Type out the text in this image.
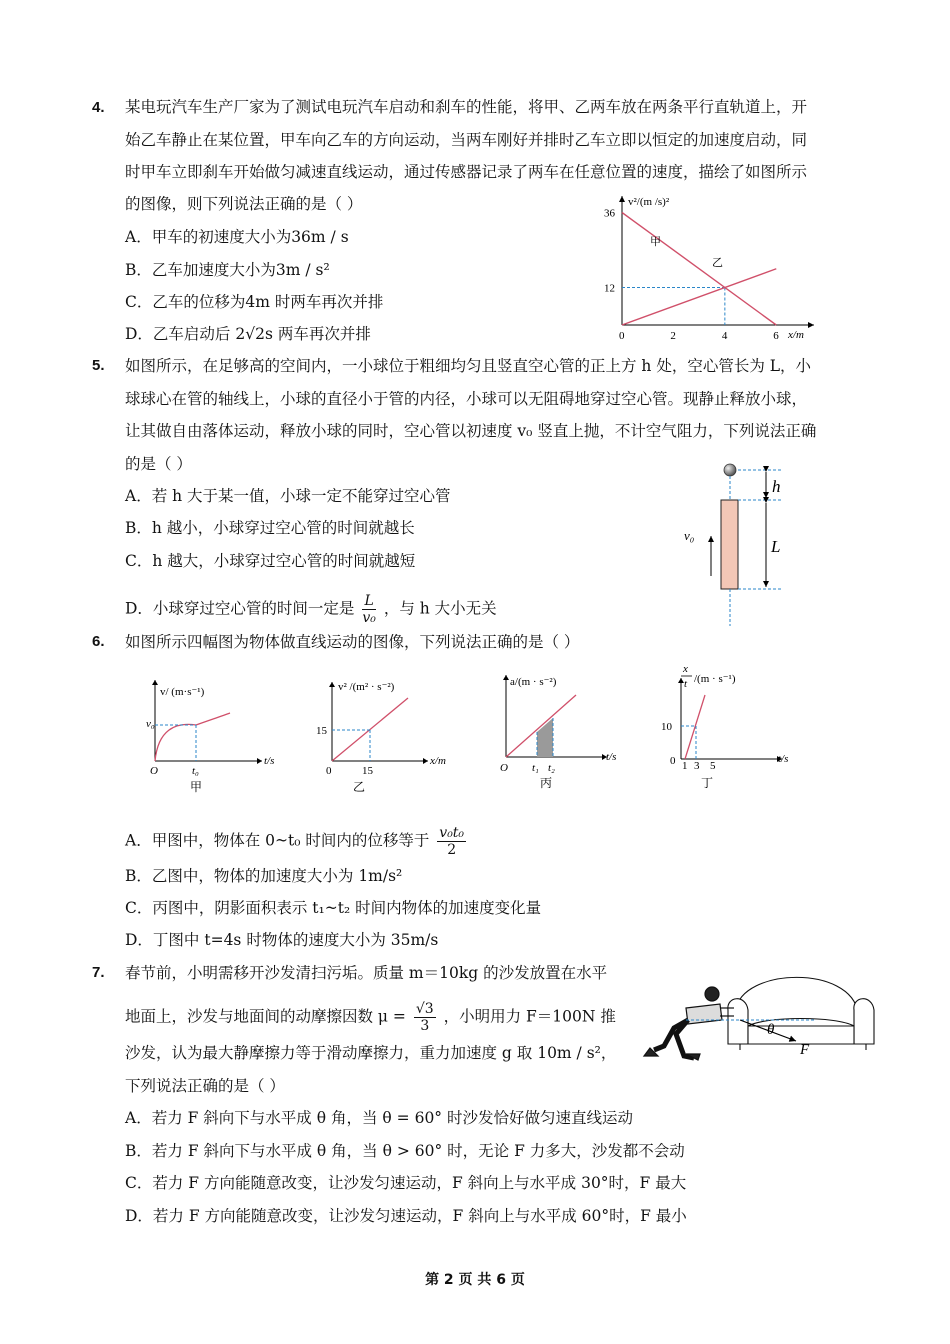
4. 某电玩汽车生产厂家为了测试电玩汽车启动和刹车的性能，将甲、乙两车放在两条平行直轨道上，开
始乙车静止在某位置，甲车向乙车的方向运动，当两车刚好并排时乙车立即以恒定的加速度启动，同
时甲车立即刹车开始做匀减速直线运动，通过传感器记录了两车在任意位置的速度，描绘了如图所示
的图像，则下列说法正确的是（ ）
A．甲车的初速度大小为36m / s
B．乙车加速度大小为3m / s²
C．乙车的位移为4m 时两车再次并排
D．乙车启动后 2√2s 两车再次并排	0	2	4	6
12
36
v²/(m /s)²
x/m
甲
乙
5. 如图所示，在足够高的空间内，一小球位于粗细均匀且竖直空心管的正上方 h 处，空心管长为 L，小
球球心在管的轴线上，小球的直径小于管的内径，小球可以无阻碍地穿过空心管。现静止释放小球，
让其做自由落体运动，释放小球的同时，空心管以初速度 v₀ 竖直上抛，不计空气阻力，下列说法正确
的是（ ）
A．若 h 大于某一值，小球一定不能穿过空心管
B．h 越小，小球穿过空心管的时间就越长
C．h 越大，小球穿过空心管的时间就越短
D．小球穿过空心管的时间一定是 $\frac{L}{\text{v₀}}$ ，与 h 大小无关
h
L
v₀
6. 如图所示四幅图为物体做直线运动的图像，下列说法正确的是（ ）
v/ (m·s⁻¹)
v₀
O	t₀
t/s
甲
v² /(m² · s⁻²)
15
0	15
x/m
乙
a/(m · s⁻²)
O t₁ t₂
t/s
丙
x
t /(m · s⁻¹)
10
0 1 3 5
t/s
丁
A．甲图中，物体在 0~t₀ 时间内的位移等于 $\frac{\text{v₀t₀}}{2}$
B．乙图中，物体的加速度大小为 1m/s²
C．丙图中，阴影面积表示 t₁~t₂ 时间内物体的加速度变化量
D．丁图中 t=4s 时物体的速度大小为 35m/s
7. 春节前，小明需移开沙发清扫污垢。质量 m＝10kg 的沙发放置在水平
地面上，沙发与地面间的动摩擦因数 $\mu = \frac{√3}{3}$ ，小明用力 F＝100N 推
沙发，认为最大静摩擦力等于滑动摩擦力，重力加速度 g 取 10m / s²，
下列说法正确的是（ ）
A．若力 F 斜向下与水平成 θ 角，当 θ = 60° 时沙发恰好做匀速直线运动
B．若力 F 斜向下与水平成 θ 角，当 θ > 60° 时，无论 F 力多大，沙发都不会动
C．若力 F 方向能随意改变，让沙发匀速运动，F 斜向上与水平成 30°时，F 最大
D．若力 F 方向能随意改变，让沙发匀速运动，F 斜向上与水平成 60°时，F 最小
θ
F
第 2 页 共 6 页
